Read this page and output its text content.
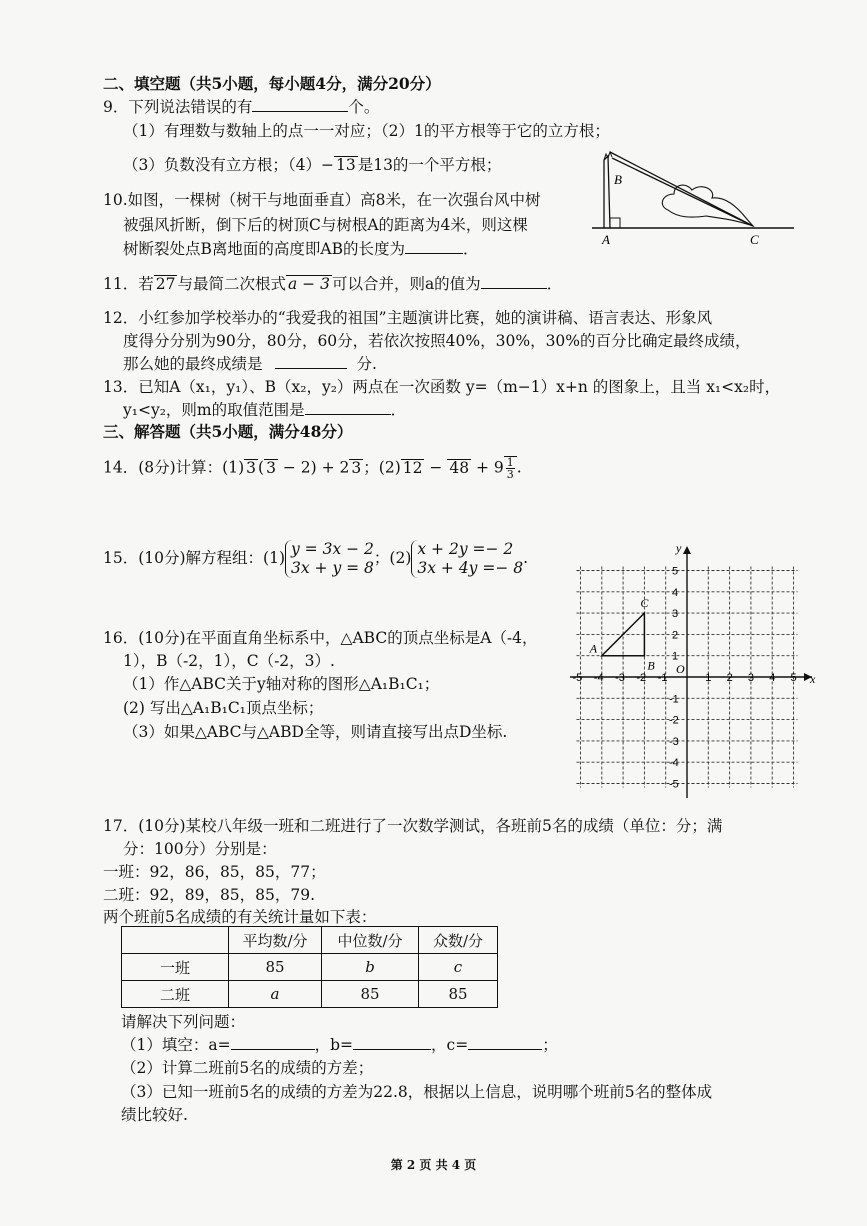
二、填空题（共5小题，每小题4分，满分20分）
9．下列说法错误的有	个。
（1）有理数与数轴上的点一一对应；（2）1的平方根等于它的立方根；
（3）负数没有立方根；（4）− 13 是13的一个平方根；
10.如图，一棵树（树干与地面垂直）高8米，在一次强台风中树
被强风折断，倒下后的树顶C与树根A的距离为4米，则这棵
树断裂处点B离地面的高度即AB的长度为	．
B
A	C
11．若 27 与最简二次根式 a − 3 可以合并，则a的值为	．
12．小红参加学校举办的“我爱我的祖国”主题演讲比赛，她的演讲稿、语言表达、形象风
度得分分别为90分，80分，60分，若依次按照40%，30%，30%的百分比确定最终成绩，
那么她的最终成绩是	分.
13．已知A（x₁，y₁）、B（x₂，y₂）两点在一次函数 y=（m−1）x+n 的图象上，且当 x₁<x₂时，
y₁<y₂，则m的取值范围是	．
三、解答题（共5小题，满分48分）
14．(8分)计算：(1) 3 ( 3 − 2) + 2 3 ；(2) $12 - 48 + 9 \frac{1}{3}$ .
15．(10分)解方程组：(1) y = 3x − 2
3x + y = 8
；(2) x + 2y =− 2
3x + 4y =− 8
.
16．(10分)在平面直角坐标系中，△ABC的顶点坐标是A（-4，
1），B（-2，1），C（-2，3）.
（1）作△ABC关于y轴对称的图形△A₁B₁C₁；
(2) 写出△A₁B₁C₁顶点坐标；
（3）如果△ABC与△ABD全等，则请直接写出点D坐标.
x
y
O
-5 -4 -3 -2 -1	1 2 3 4 5
5
4
3
2
1
-1
-2
-3
-4
-5
A
B
C
17．(10分)某校八年级一班和二班进行了一次数学测试，各班前5名的成绩（单位：分；满
分：100分）分别是：
一班：92，86，85，85，77；
二班：92，89，85，85，79.
两个班前5名成绩的有关统计量如下表：
	平均数/分	中位数/分	众数/分
一班	85	b	c
二班	a	85	85
请解决下列问题：
（1）填空：a=	，b=	，c=	；
（2）计算二班前5名的成绩的方差；
（3）已知一班前5名的成绩的方差为22.8，根据以上信息，说明哪个班前5名的整体成
绩比较好.
第 2 页 共 4 页
